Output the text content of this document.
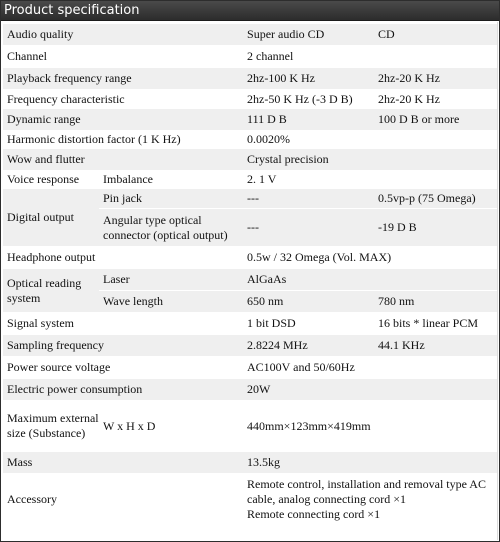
Product specification
Audio quality		Super audio CD	CD
Channel		2 channel	
Playback frequency range		2hz-100 K Hz	2hz-20 K Hz
Frequency characteristic		2hz-50 K Hz (-3 D B)	2hz-20 K Hz
Dynamic range		111 D B	100 D B or more
Harmonic distortion factor (1 K Hz)		0.0020%	
Wow and flutter		Crystal precision	
Voice response	Imbalance	2. 1 V	
Digital output	Pin jack	---	0.5vp-p (75 Omega)
	Angular type optical connector (optical output)	---	-19 D B
Headphone output		0.5w / 32 Omega (Vol. MAX)	
Optical reading system	Laser	AlGaAs	
	Wave length	650 nm	780 nm
Signal system		1 bit DSD	16 bits * linear PCM
Sampling frequency		2.8224 MHz	44.1 KHz
Power source voltage		AC100V and 50/60Hz	
Electric power consumption		20W	
Maximum external size (Substance)	W x H x D	440mm×123mm×419mm	
Mass		13.5kg	
Accessory		Remote control, installation and removal type AC cable, analog connecting cord ×1
Remote connecting cord ×1	
